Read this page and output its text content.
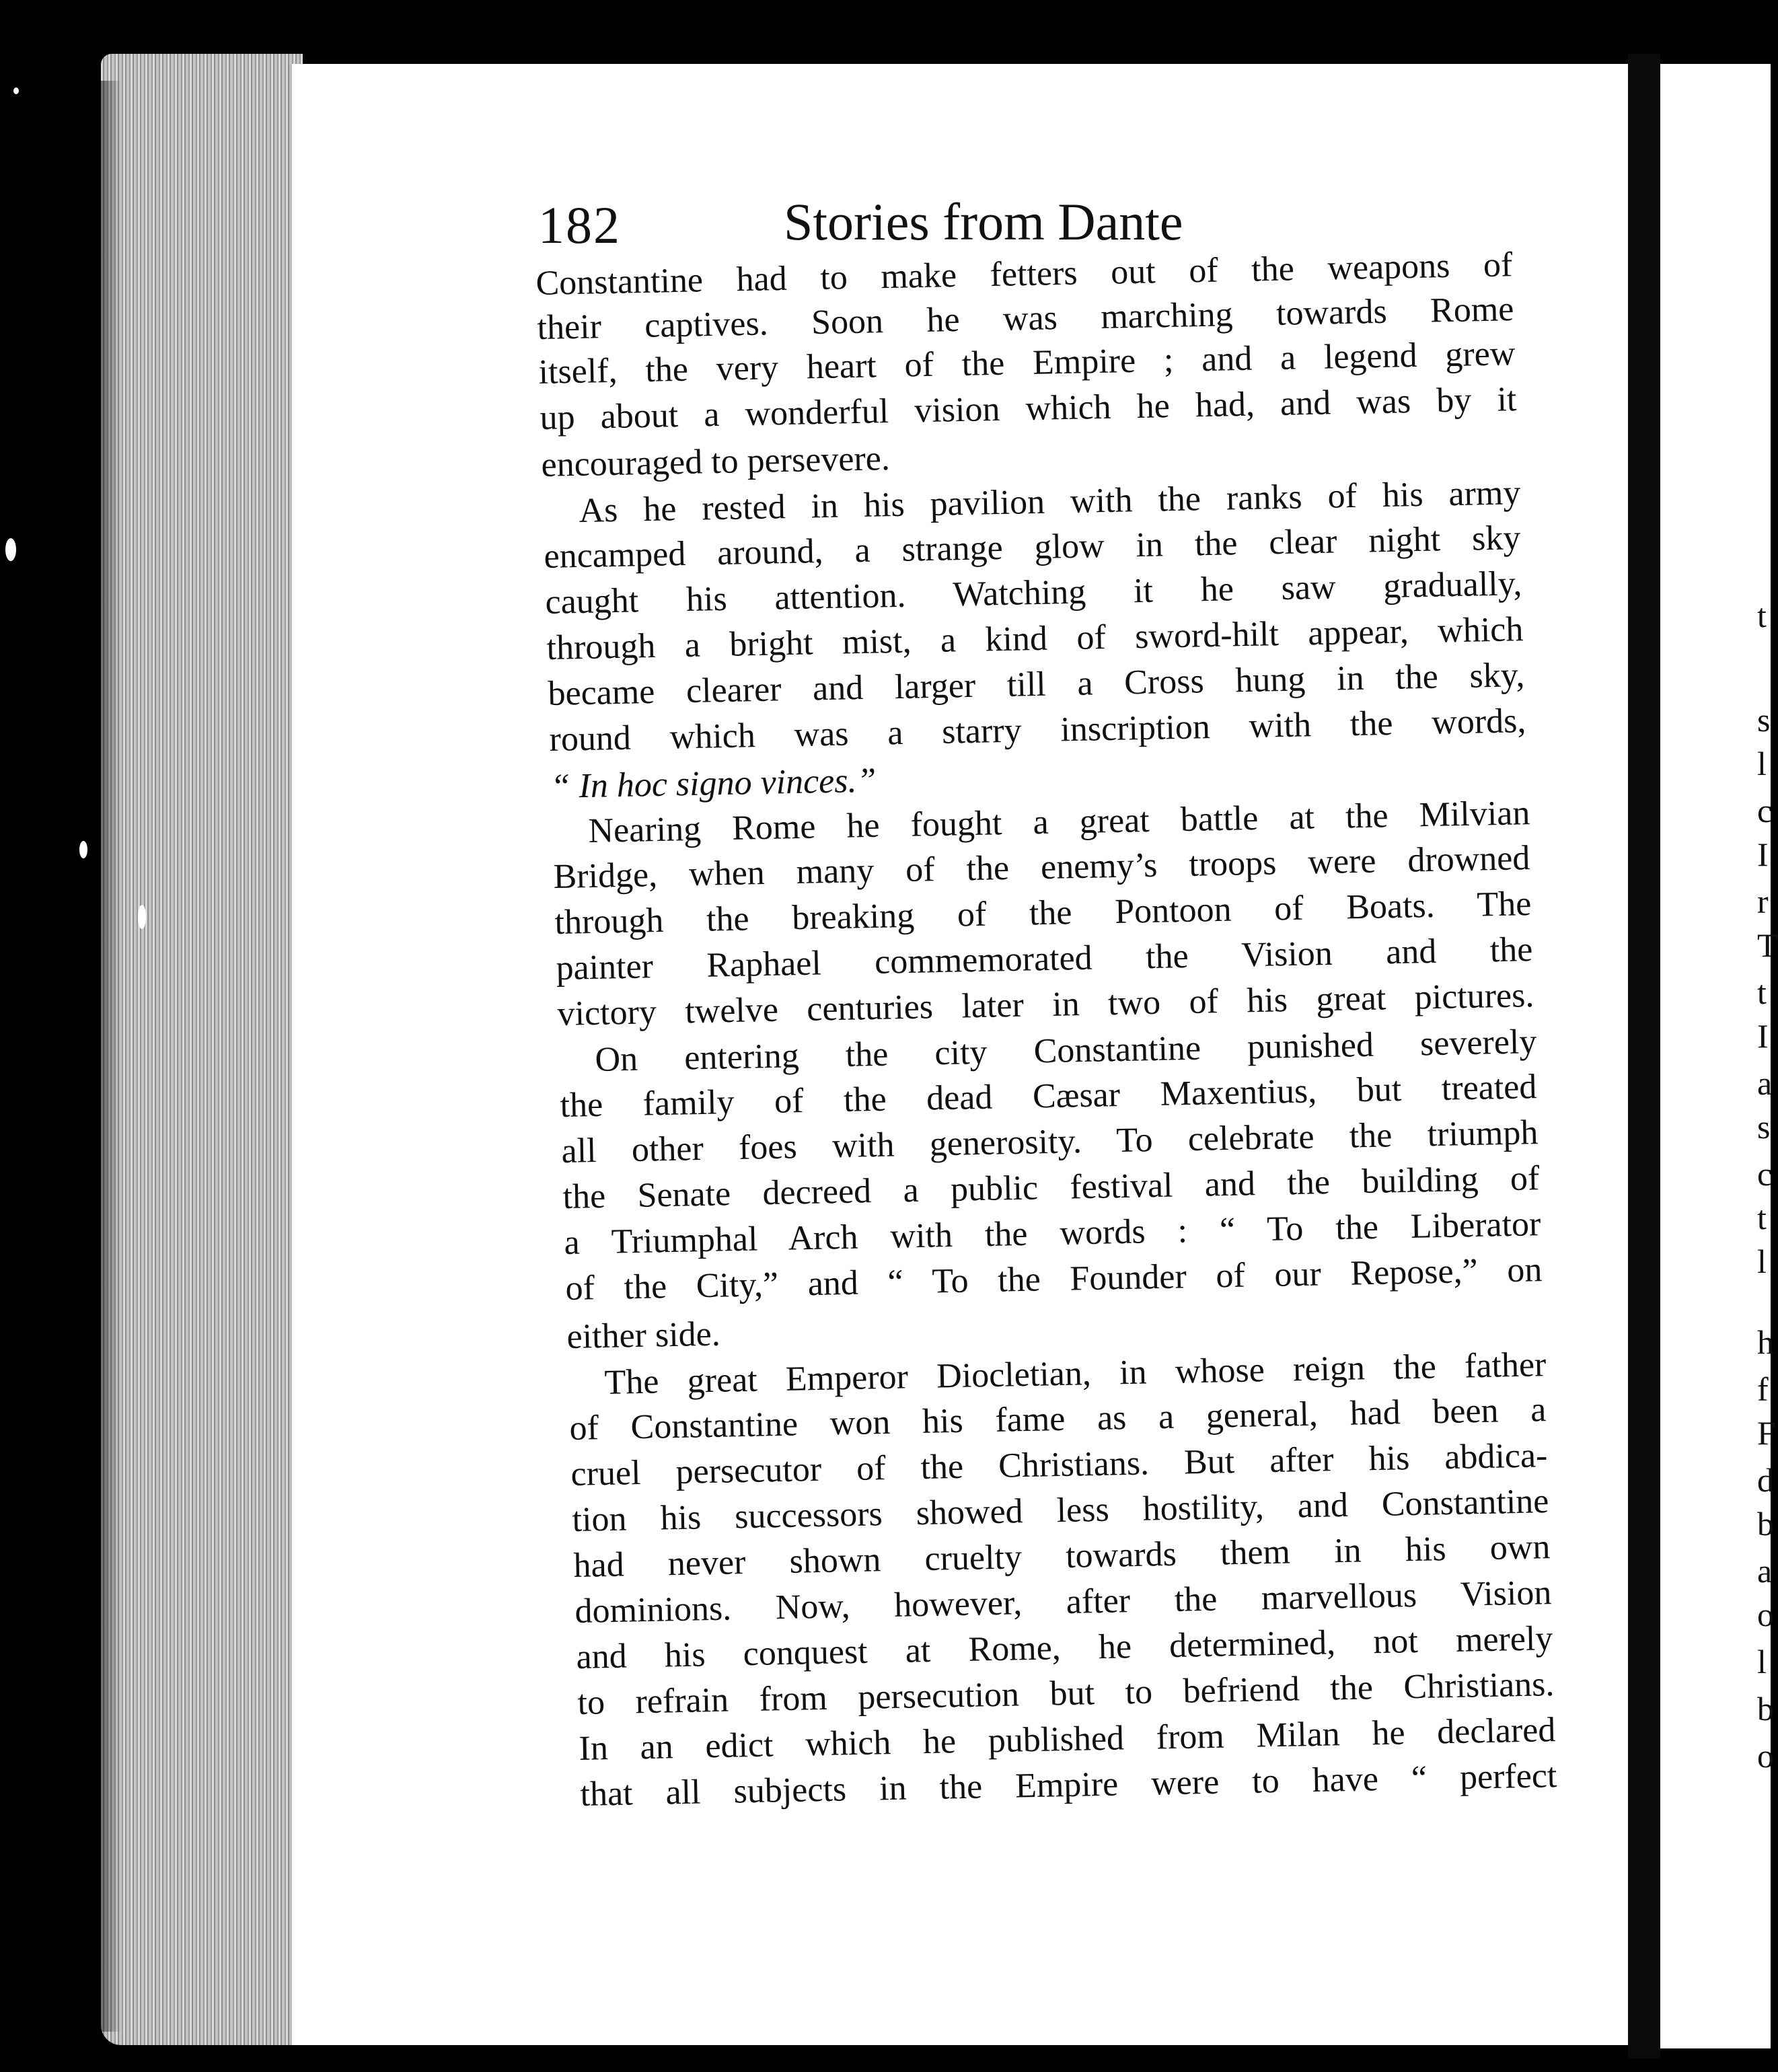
182	Stories from Dante
Constantine had to make fetters out of the weapons of
their captives. Soon he was marching towards Rome
itself, the very heart of the Empire ; and a legend grew
up about a wonderful vision which he had, and was by it
encouraged to persevere.
As he rested in his pavilion with the ranks of his army
encamped around, a strange glow in the clear night sky
caught his attention. Watching it he saw gradually,
through a bright mist, a kind of sword-hilt appear, which
became clearer and larger till a Cross hung in the sky,
round which was a starry inscription with the words,
“ In hoc signo vinces.”
Nearing Rome he fought a great battle at the Milvian
Bridge, when many of the enemy’s troops were drowned
through the breaking of the Pontoon of Boats. The
painter Raphael commemorated the Vision and the
victory twelve centuries later in two of his great pictures.
On entering the city Constantine punished severely
the family of the dead Cæsar Maxentius, but treated
all other foes with generosity. To celebrate the triumph
the Senate decreed a public festival and the building of
a Triumphal Arch with the words : “ To the Liberator
of the City,” and “ To the Founder of our Repose,” on
either side.
The great Emperor Diocletian, in whose reign the father
of Constantine won his fame as a general, had been a
cruel persecutor of the Christians. But after his abdica-
tion his successors showed less hostility, and Constantine
had never shown cruelty towards them in his own
dominions. Now, however, after the marvellous Vision
and his conquest at Rome, he determined, not merely
to refrain from persecution but to befriend the Christians.
In an edict which he published from Milan he declared
that all subjects in the Empire were to have “ perfect
t
s
l
c
I
r
T
t
I
a
s
c
t
l
h
f
F
d
b
a
o
l
b
o
